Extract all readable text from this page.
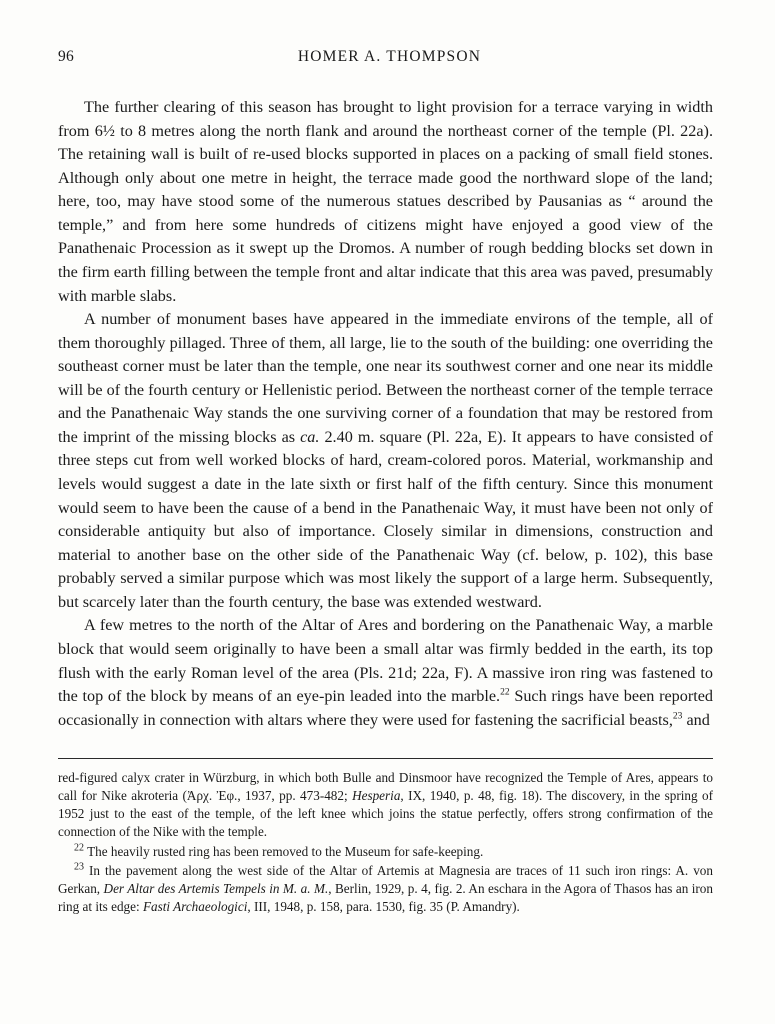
96	HOMER A. THOMPSON

The further clearing of this season has brought to light provision for a terrace varying in width from 6½ to 8 metres along the north flank and around the northeast corner of the temple (Pl. 22a). The retaining wall is built of re-used blocks supported in places on a packing of small field stones. Although only about one metre in height, the terrace made good the northward slope of the land; here, too, may have stood some of the numerous statues described by Pausanias as “ around the temple,” and from here some hundreds of citizens might have enjoyed a good view of the Panathenaic Procession as it swept up the Dromos. A number of rough bedding blocks set down in the firm earth filling between the temple front and altar indicate that this area was paved, presumably with marble slabs.

A number of monument bases have appeared in the immediate environs of the temple, all of them thoroughly pillaged. Three of them, all large, lie to the south of the building: one overriding the southeast corner must be later than the temple, one near its southwest corner and one near its middle will be of the fourth century or Hellenistic period. Between the northeast corner of the temple terrace and the Panathenaic Way stands the one surviving corner of a foundation that may be restored from the imprint of the missing blocks as ca. 2.40 m. square (Pl. 22a, E). It appears to have consisted of three steps cut from well worked blocks of hard, cream-colored poros. Material, workmanship and levels would suggest a date in the late sixth or first half of the fifth century. Since this monument would seem to have been the cause of a bend in the Panathenaic Way, it must have been not only of considerable antiquity but also of importance. Closely similar in dimensions, construction and material to another base on the other side of the Panathenaic Way (cf. below, p. 102), this base probably served a similar purpose which was most likely the support of a large herm. Subsequently, but scarcely later than the fourth century, the base was extended westward.

A few metres to the north of the Altar of Ares and bordering on the Panathenaic Way, a marble block that would seem originally to have been a small altar was firmly bedded in the earth, its top flush with the early Roman level of the area (Pls. 21d; 22a, F). A massive iron ring was fastened to the top of the block by means of an eye-pin leaded into the marble.$^{22}$ Such rings have been reported occasionally in connection with altars where they were used for fastening the sacrificial beasts,$^{23}$ and

red-figured calyx crater in Würzburg, in which both Bulle and Dinsmoor have recognized the Temple of Ares, appears to call for Nike akroteria (Ἀρχ. Ἐφ., 1937, pp. 473-482; Hesperia, IX, 1940, p. 48, fig. 18). The discovery, in the spring of 1952 just to the east of the temple, of the left knee which joins the statue perfectly, offers strong confirmation of the connection of the Nike with the temple.

$^{22}$ The heavily rusted ring has been removed to the Museum for safe-keeping.

$^{23}$ In the pavement along the west side of the Altar of Artemis at Magnesia are traces of 11 such iron rings: A. von Gerkan, Der Altar des Artemis Tempels in M. a. M., Berlin, 1929, p. 4, fig. 2. An eschara in the Agora of Thasos has an iron ring at its edge: Fasti Archaeologici, III, 1948, p. 158, para. 1530, fig. 35 (P. Amandry).
